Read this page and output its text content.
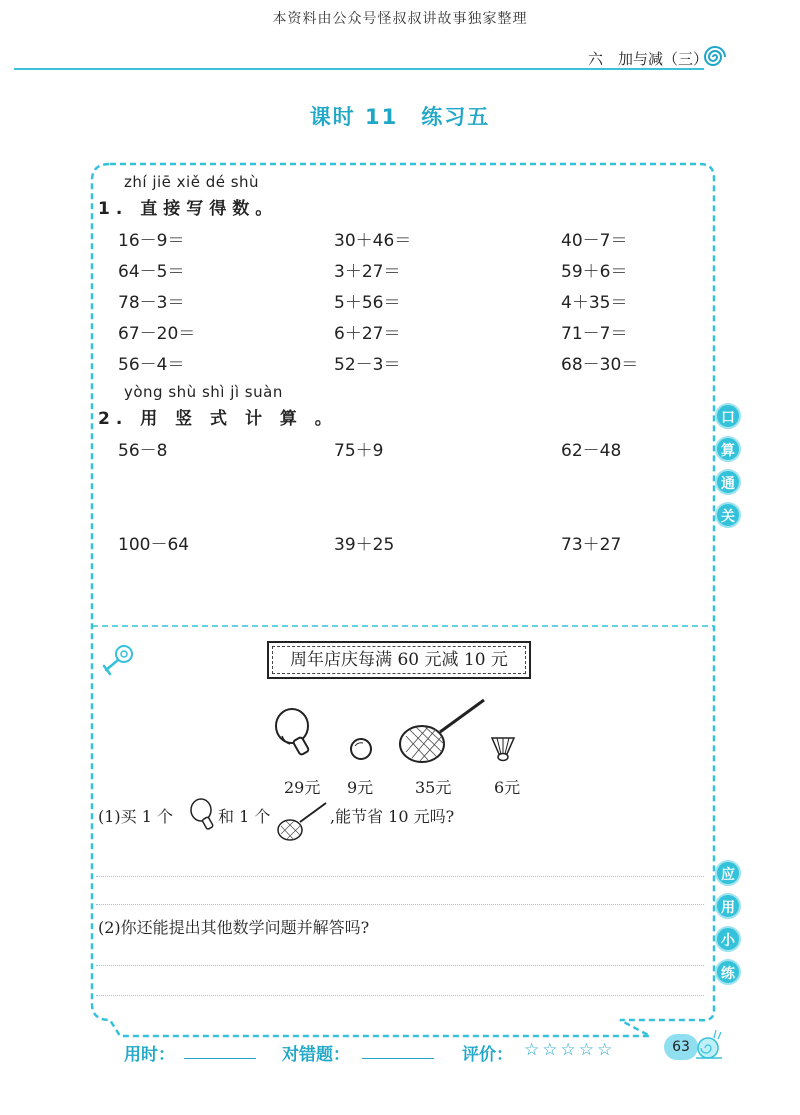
本资料由公众号怪叔叔讲故事独家整理
六　加与减（三）
课时 11　练习五
zhí jiē xiě dé shù
1. 直接写得数。
16－9＝	30＋46＝	40－7＝
64－5＝	3＋27＝	59＋6＝
78－3＝	5＋56＝	4＋35＝
67－20＝	6＋27＝	71－7＝
56－4＝	52－3＝	68－30＝
yòng shù shì jì suàn
2. 用 竖 式 计 算 。
56－8	75＋9	62－48
100－64	39＋25	73＋27
口
算
通
关
应
用
小
练
周年店庆每满 60 元减 10 元
29元 9元	35元	6元
(1)买 1 个	和 1 个	,能节省 10 元吗?
(2)你还能提出其他数学问题并解答吗?
用时：	对错题：	评价： ☆☆☆☆☆	63
